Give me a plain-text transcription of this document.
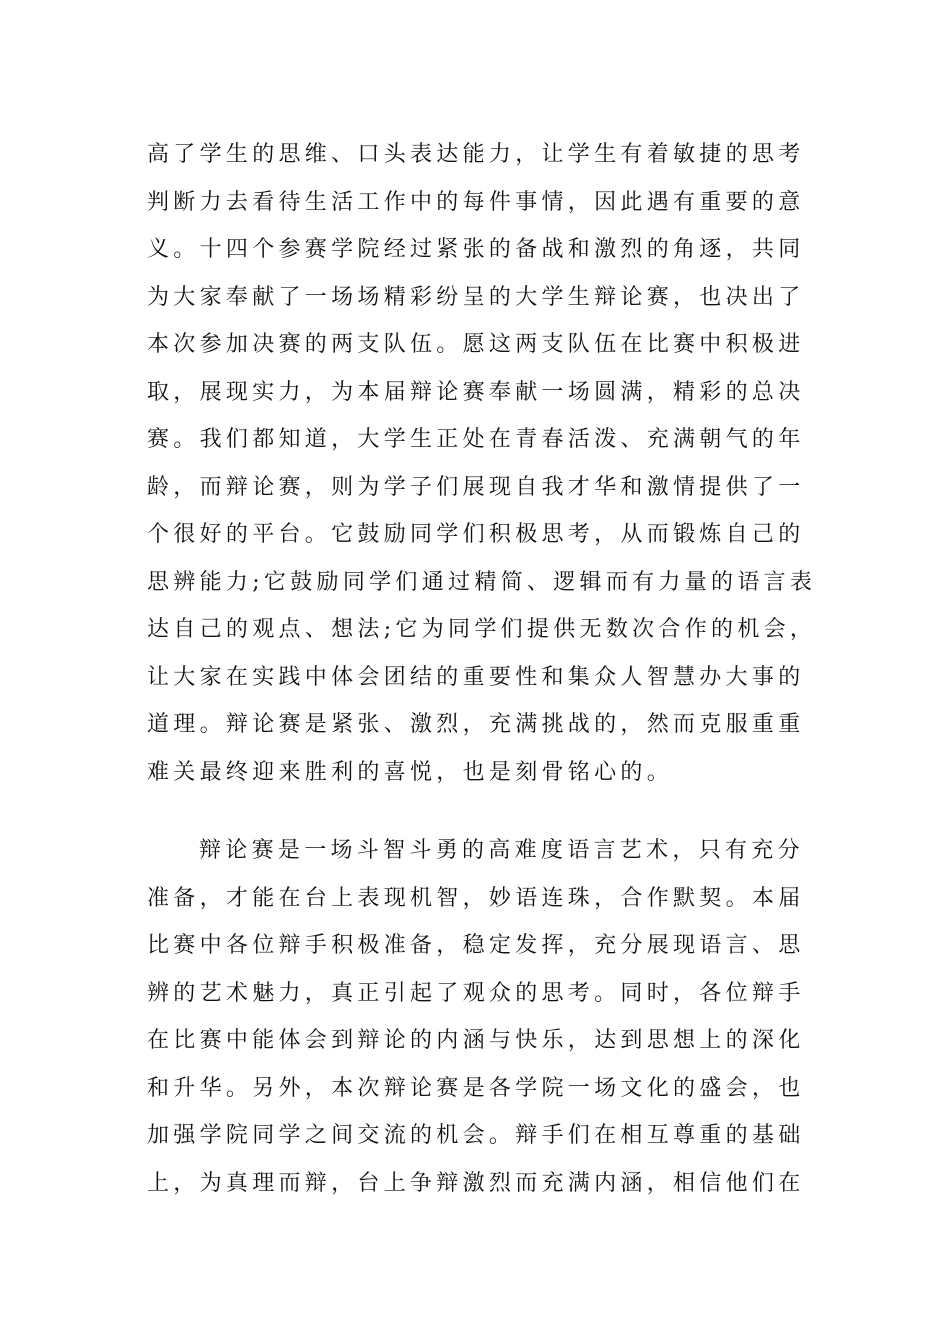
高了学生的思维、口头表达能力，让学生有着敏捷的思考
判断力去看待生活工作中的每件事情，因此遇有重要的意
义。十四个参赛学院经过紧张的备战和激烈的角逐，共同
为大家奉献了一场场精彩纷呈的大学生辩论赛，也决出了
本次参加决赛的两支队伍。愿这两支队伍在比赛中积极进
取，展现实力，为本届辩论赛奉献一场圆满，精彩的总决
赛。我们都知道，大学生正处在青春活泼、充满朝气的年
龄，而辩论赛，则为学子们展现自我才华和激情提供了一
个很好的平台。它鼓励同学们积极思考，从而锻炼自己的
思辨能力;它鼓励同学们通过精简、逻辑而有力量的语言表
达自己的观点、想法;它为同学们提供无数次合作的机会，
让大家在实践中体会团结的重要性和集众人智慧办大事的
道理。辩论赛是紧张、激烈，充满挑战的，然而克服重重
难关最终迎来胜利的喜悦，也是刻骨铭心的。
辩论赛是一场斗智斗勇的高难度语言艺术，只有充分
准备，才能在台上表现机智，妙语连珠，合作默契。本届
比赛中各位辩手积极准备，稳定发挥，充分展现语言、思
辨的艺术魅力，真正引起了观众的思考。同时，各位辩手
在比赛中能体会到辩论的内涵与快乐，达到思想上的深化
和升华。另外，本次辩论赛是各学院一场文化的盛会，也
加强学院同学之间交流的机会。辩手们在相互尊重的基础
上，为真理而辩，台上争辩激烈而充满内涵，相信他们在
